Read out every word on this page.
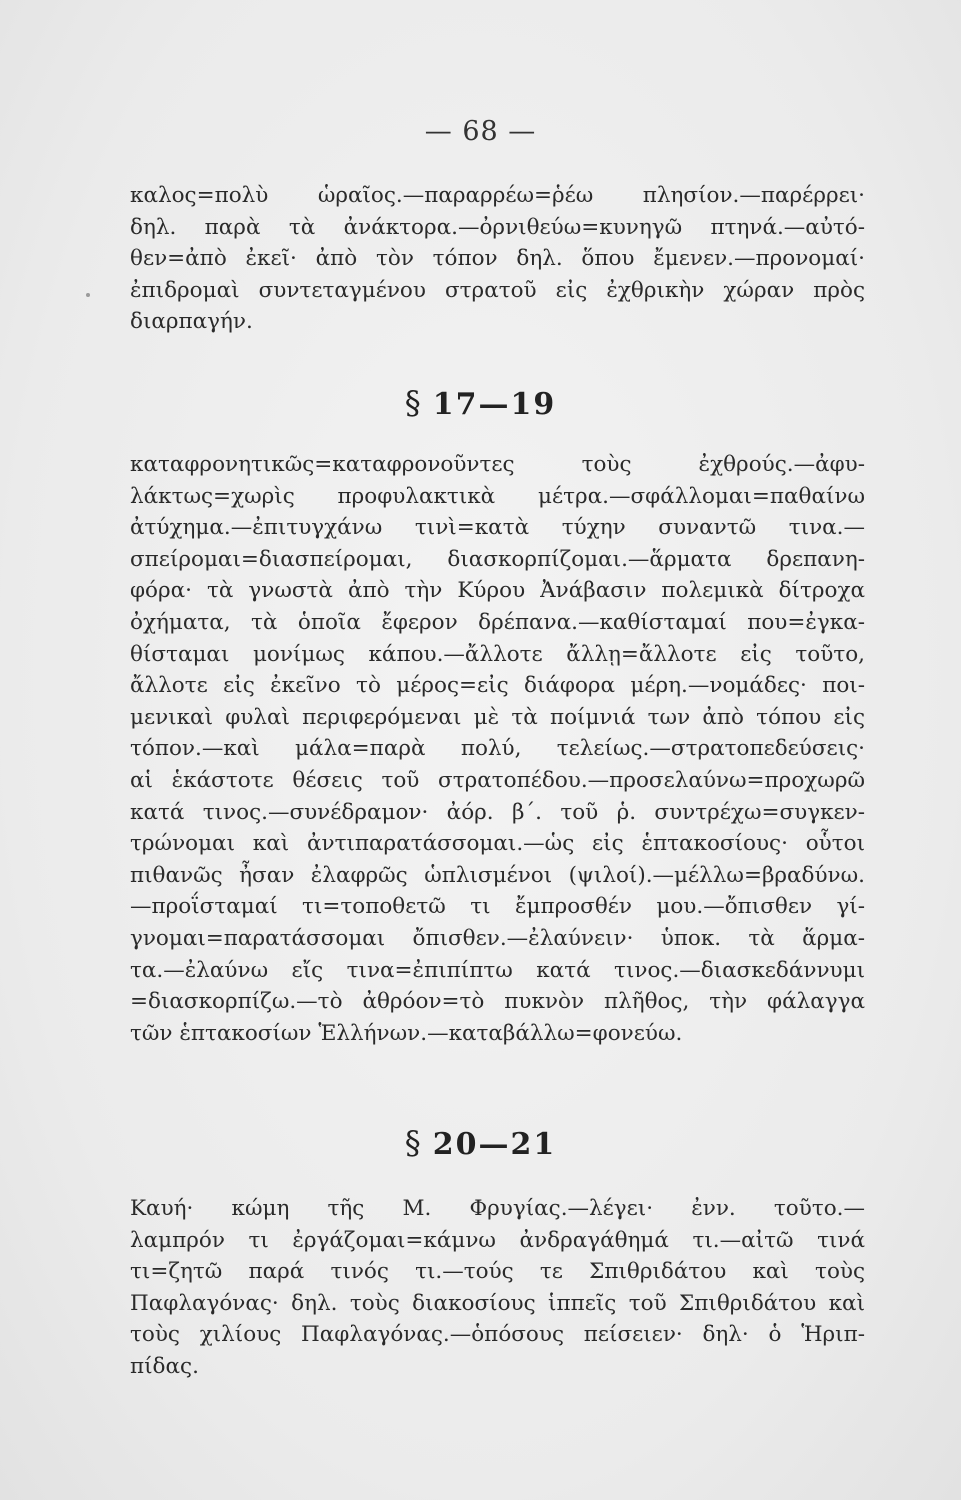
— 68 —
καλος=πολὺ ὡραῖος.—παραρρέω=ῥέω πλησίον.—παρέρρει·
δηλ. παρὰ τὰ ἀνάκτορα.—ὀρνιθεύω=κυνηγῶ πτηνά.—αὐτό-
θεν=ἀπὸ ἐκεῖ· ἀπὸ τὸν τόπον δηλ. ὅπου ἔμενεν.—προνομαί·
ἐπιδρομαὶ συντεταγμένου στρατοῦ εἰς ἐχθρικὴν χώραν πρὸς
διαρπαγήν.
§ 17—19
καταφρονητικῶς=καταφρονοῦντες τοὺς ἐχθρούς.—ἀφυ-
λάκτως=χωρὶς προφυλακτικὰ μέτρα.—σφάλλομαι=παθαίνω
ἀτύχημα.—ἐπιτυγχάνω τινὶ=κατὰ τύχην συναντῶ τινα.—
σπείρομαι=διασπείρομαι, διασκορπίζομαι.—ἅρματα δρεπανη-
φόρα· τὰ γνωστὰ ἀπὸ τὴν Κύρου Ἀνάβασιν πολεμικὰ δίτροχα
ὀχήματα, τὰ ὁποῖα ἔφερον δρέπανα.—καθίσταμαί που=ἐγκα-
θίσταμαι μονίμως κάπου.—ἄλλοτε ἄλλῃ=ἄλλοτε εἰς τοῦτο,
ἄλλοτε εἰς ἐκεῖνο τὸ μέρος=εἰς διάφορα μέρη.—νομάδες· ποι-
μενικαὶ φυλαὶ περιφερόμεναι μὲ τὰ ποίμνιά των ἀπὸ τόπου εἰς
τόπον.—καὶ μάλα=παρὰ πολύ, τελείως.—στρατοπεδεύσεις·
αἱ ἑκάστοτε θέσεις τοῦ στρατοπέδου.—προσελαύνω=προχωρῶ
κατά τινος.—συνέδραμον· ἀόρ. β΄. τοῦ ῥ. συντρέχω=συγκεν-
τρώνομαι καὶ ἀντιπαρατάσσομαι.—ὡς εἰς ἑπτακοσίους· οὗτοι
πιθανῶς ἦσαν ἐλαφρῶς ὡπλισμένοι (ψιλοί).—μέλλω=βραδύνω.
—προΐσταμαί τι=τοποθετῶ τι ἔμπροσθέν μου.—ὄπισθεν γί-
γνομαι=παρατάσσομαι ὄπισθεν.—ἐλαύνειν· ὑποκ. τὰ ἅρμα-
τα.—ἐλαύνω εἴς τινα=ἐπιπίπτω κατά τινος.—διασκεδάννυμι
=διασκορπίζω.—τὸ ἀθρόον=τὸ πυκνὸν πλῆθος, τὴν φάλαγγα
τῶν ἑπτακοσίων Ἑλλήνων.—καταβάλλω=φονεύω.
§ 20—21
Καυή· κώμη τῆς Μ. Φρυγίας.—λέγει· ἐνν. τοῦτο.—
λαμπρόν τι ἐργάζομαι=κάμνω ἀνδραγάθημά τι.—αἰτῶ τινά
τι=ζητῶ παρά τινός τι.—τούς τε Σπιθριδάτου καὶ τοὺς
Παφλαγόνας· δηλ. τοὺς διακοσίους ἱππεῖς τοῦ Σπιθριδάτου καὶ
τοὺς χιλίους Παφλαγόνας.—ὁπόσους πείσειεν· δηλ· ὁ Ἡριπ-
πίδας.
